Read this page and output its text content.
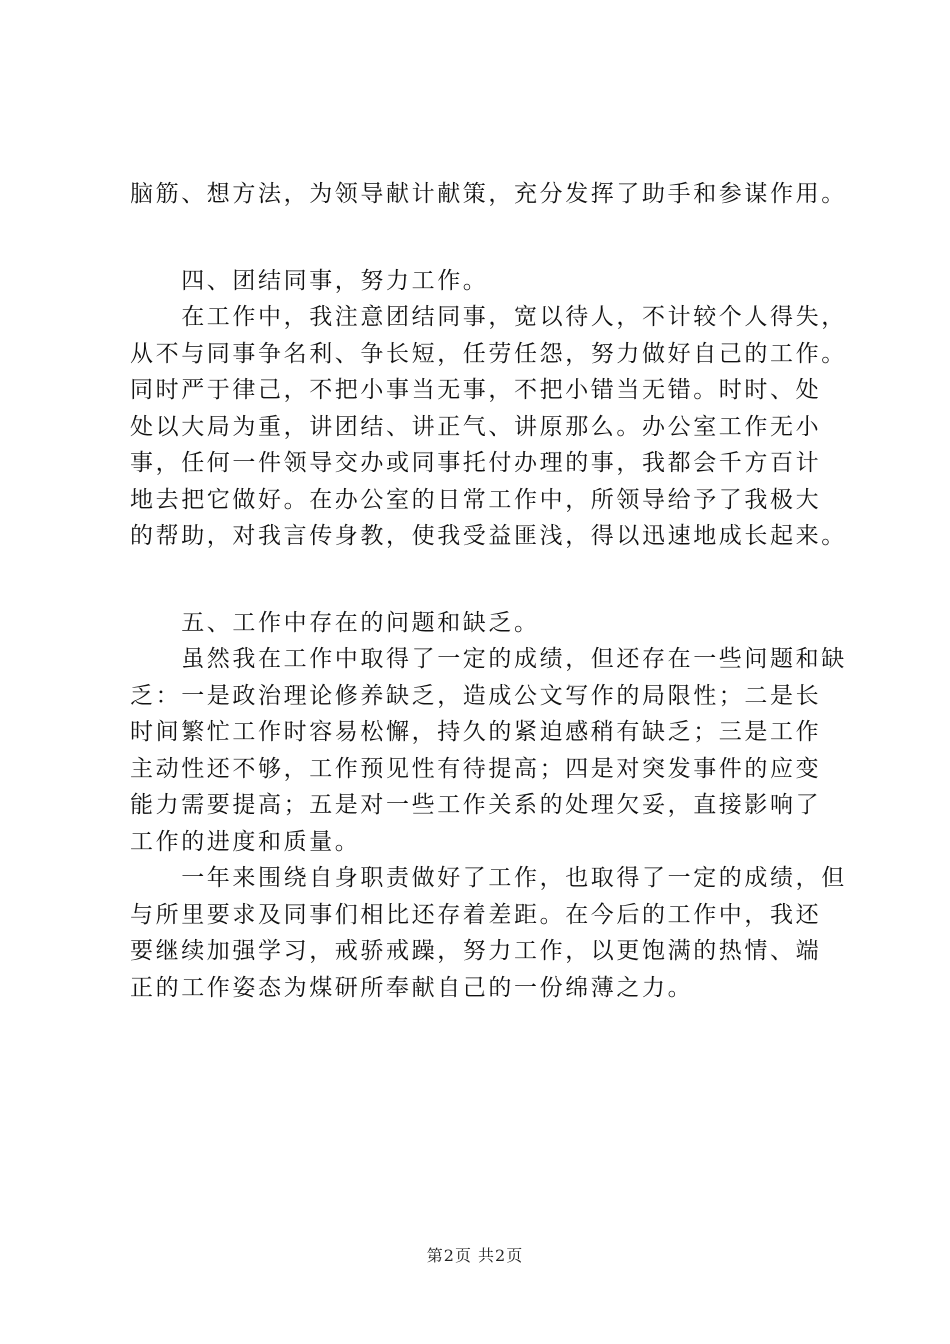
脑筋、想方法，为领导献计献策，充分发挥了助手和参谋作用。
　　四、团结同事，努力工作。
　　在工作中，我注意团结同事，宽以待人，不计较个人得失，
从不与同事争名利、争长短，任劳任怨，努力做好自己的工作。
同时严于律己，不把小事当无事，不把小错当无错。时时、处
处以大局为重，讲团结、讲正气、讲原那么。办公室工作无小
事，任何一件领导交办或同事托付办理的事，我都会千方百计
地去把它做好。在办公室的日常工作中，所领导给予了我极大
的帮助，对我言传身教，使我受益匪浅，得以迅速地成长起来。
　　五、工作中存在的问题和缺乏。
　　虽然我在工作中取得了一定的成绩，但还存在一些问题和缺
乏：一是政治理论修养缺乏，造成公文写作的局限性；二是长
时间繁忙工作时容易松懈，持久的紧迫感稍有缺乏；三是工作
主动性还不够，工作预见性有待提高；四是对突发事件的应变
能力需要提高；五是对一些工作关系的处理欠妥，直接影响了
工作的进度和质量。
　　一年来围绕自身职责做好了工作，也取得了一定的成绩，但
与所里要求及同事们相比还存着差距。在今后的工作中，我还
要继续加强学习，戒骄戒躁，努力工作，以更饱满的热情、端
正的工作姿态为煤研所奉献自己的一份绵薄之力。
第2页 共2页
